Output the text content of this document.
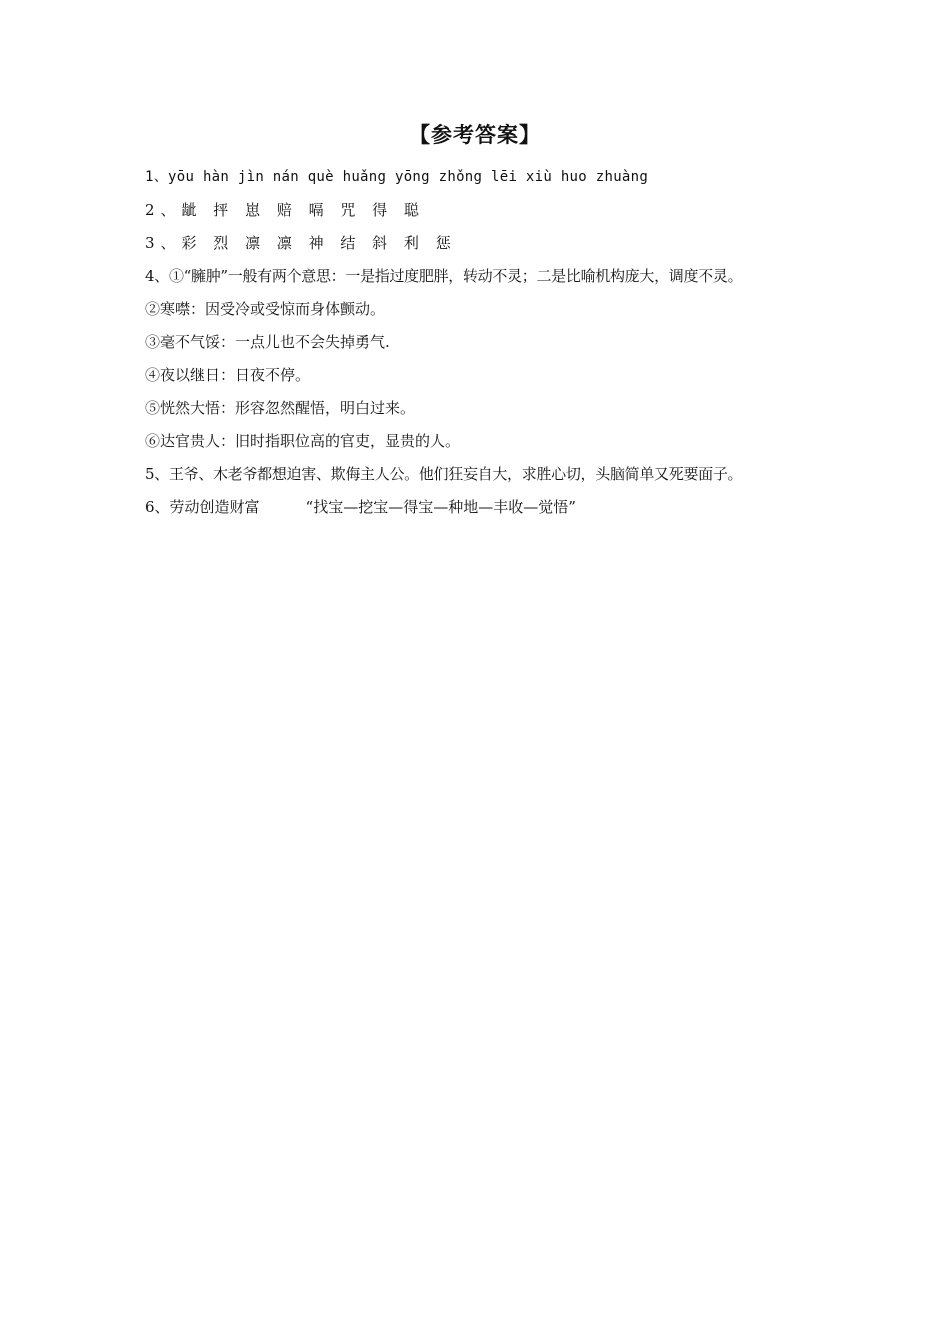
【参考答案】
1、yōu hàn jìn nán què huǎng yōng zhǒng lēi xiù huo zhuàng
2、龇 抨 崽 赔 嗝 咒 得 聪
3、彩 烈 凛 凛 神 结 斜 利 惩
4、①“臃肿”一般有两个意思：一是指过度肥胖，转动不灵；二是比喻机构庞大，调度不灵。
②寒噤：因受冷或受惊而身体颤动。
③毫不气馁：一点儿也不会失掉勇气.
④夜以继日：日夜不停。
⑤恍然大悟：形容忽然醒悟，明白过来。
⑥达官贵人：旧时指职位高的官吏，显贵的人。
5、王爷、木老爷都想迫害、欺侮主人公。他们狂妄自大，求胜心切，头脑简单又死要面子。
6、劳动创造财富	“找宝—挖宝—得宝—种地—丰收—觉悟”
